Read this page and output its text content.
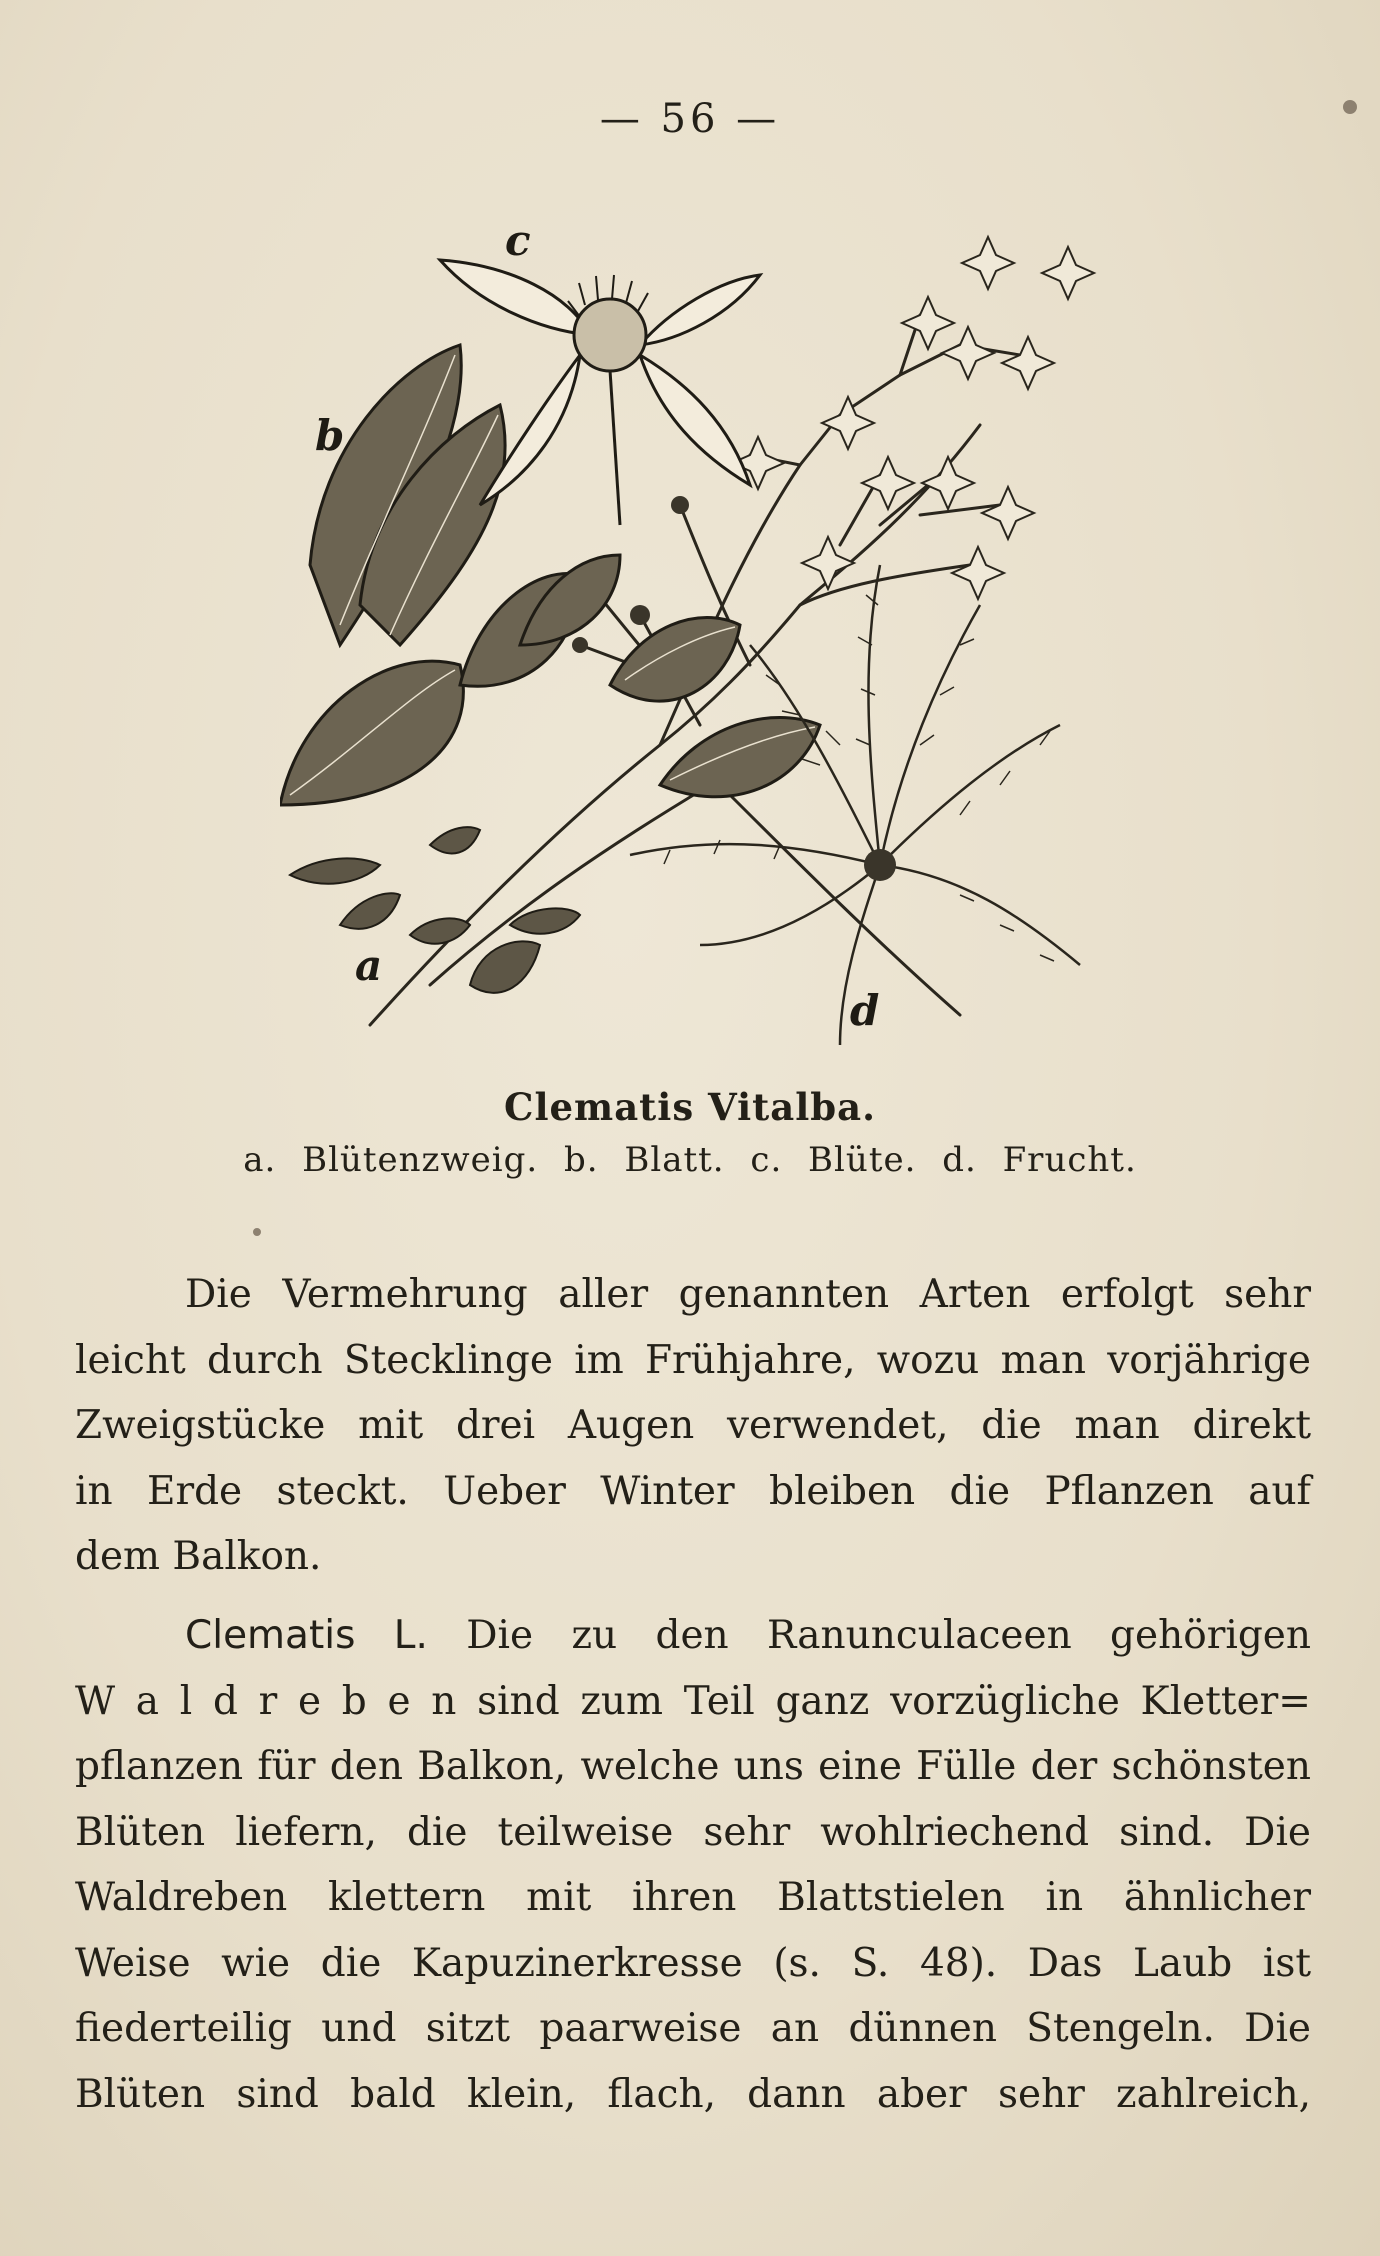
— 56 —
c
b
a
d
Clematis Vitalba.
a. Blütenzweig. b. Blatt. c. Blüte. d. Frucht.
Die Vermehrung aller genannten Arten erfolgt sehr
leicht durch Stecklinge im Frühjahre, wozu man vorjährige
Zweigstücke mit drei Augen verwendet, die man direkt
in Erde steckt. Ueber Winter bleiben die Pflanzen auf
dem Balkon.
Clematis L. Die zu den Ranunculaceen gehörigen
W a l d r e b e n sind zum Teil ganz vorzügliche Kletter=
pflanzen für den Balkon, welche uns eine Fülle der schönsten
Blüten liefern, die teilweise sehr wohlriechend sind. Die
Waldreben klettern mit ihren Blattstielen in ähnlicher
Weise wie die Kapuzinerkresse (s. S. 48). Das Laub ist
fiederteilig und sitzt paarweise an dünnen Stengeln. Die
Blüten sind bald klein, flach, dann aber sehr zahlreich,
